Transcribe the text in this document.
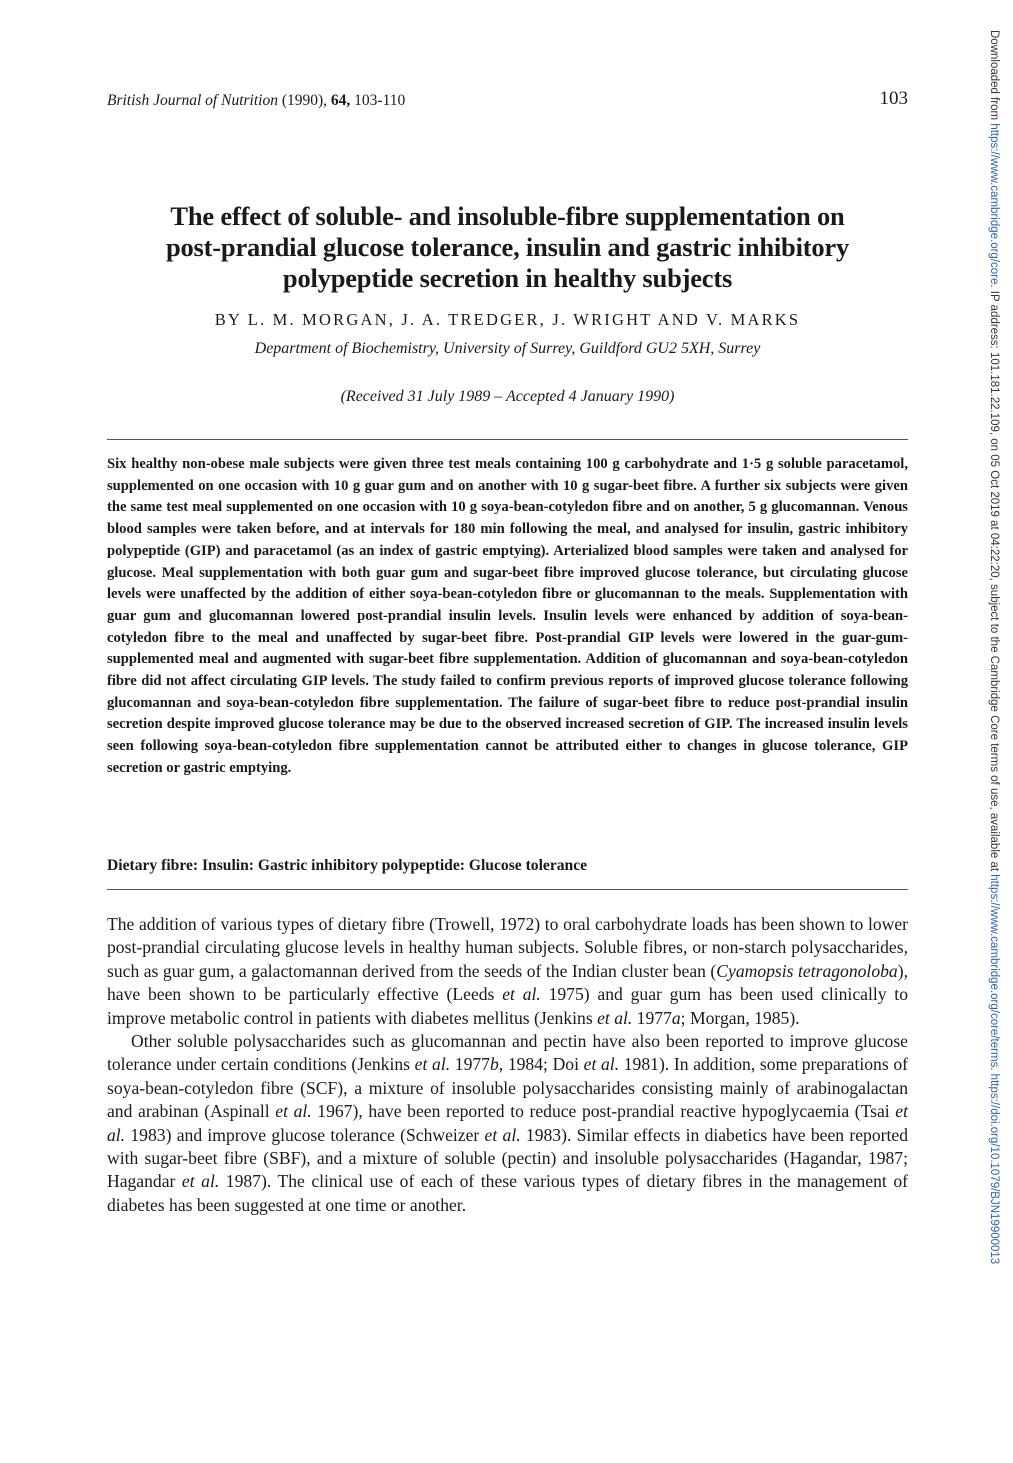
British Journal of Nutrition (1990), 64, 103-110	103
The effect of soluble- and insoluble-fibre supplementation on
post-prandial glucose tolerance, insulin and gastric inhibitory
polypeptide secretion in healthy subjects
BY L. M. MORGAN, J. A. TREDGER, J. WRIGHT AND V. MARKS
Department of Biochemistry, University of Surrey, Guildford GU2 5XH, Surrey
(Received 31 July 1989 – Accepted 4 January 1990)
Six healthy non-obese male subjects were given three test meals containing 100 g carbohydrate and 1·5 g soluble paracetamol, supplemented on one occasion with 10 g guar gum and on another with 10 g sugar-beet fibre. A further six subjects were given the same test meal supplemented on one occasion with 10 g soya-bean-cotyledon fibre and on another, 5 g glucomannan. Venous blood samples were taken before, and at intervals for 180 min following the meal, and analysed for insulin, gastric inhibitory polypeptide (GIP) and paracetamol (as an index of gastric emptying). Arterialized blood samples were taken and analysed for glucose. Meal supplementation with both guar gum and sugar-beet fibre improved glucose tolerance, but circulating glucose levels were unaffected by the addition of either soya-bean-cotyledon fibre or glucomannan to the meals. Supplementation with guar gum and glucomannan lowered post-prandial insulin levels. Insulin levels were enhanced by addition of soya-bean-cotyledon fibre to the meal and unaffected by sugar-beet fibre. Post-prandial GIP levels were lowered in the guar-gum-supplemented meal and augmented with sugar-beet fibre supplementation. Addition of glucomannan and soya-bean-cotyledon fibre did not affect circulating GIP levels. The study failed to confirm previous reports of improved glucose tolerance following glucomannan and soya-bean-cotyledon fibre supplementation. The failure of sugar-beet fibre to reduce post-prandial insulin secretion despite improved glucose tolerance may be due to the observed increased secretion of GIP. The increased insulin levels seen following soya-bean-cotyledon fibre supplementation cannot be attributed either to changes in glucose tolerance, GIP secretion or gastric emptying.
Dietary fibre: Insulin: Gastric inhibitory polypeptide: Glucose tolerance

The addition of various types of dietary fibre (Trowell, 1972) to oral carbohydrate loads has been shown to lower post-prandial circulating glucose levels in healthy human subjects. Soluble fibres, or non-starch polysaccharides, such as guar gum, a galactomannan derived from the seeds of the Indian cluster bean (Cyamopsis tetragonoloba), have been shown to be particularly effective (Leeds et al. 1975) and guar gum has been used clinically to improve metabolic control in patients with diabetes mellitus (Jenkins et al. 1977a; Morgan, 1985).

Other soluble polysaccharides such as glucomannan and pectin have also been reported to improve glucose tolerance under certain conditions (Jenkins et al. 1977b, 1984; Doi et al. 1981). In addition, some preparations of soya-bean-cotyledon fibre (SCF), a mixture of insoluble polysaccharides consisting mainly of arabinogalactan and arabinan (Aspinall et al. 1967), have been reported to reduce post-prandial reactive hypoglycaemia (Tsai et al. 1983) and improve glucose tolerance (Schweizer et al. 1983). Similar effects in diabetics have been reported with sugar-beet fibre (SBF), and a mixture of soluble (pectin) and insoluble polysaccharides (Hagandar, 1987; Hagandar et al. 1987). The clinical use of each of these various types of dietary fibres in the management of diabetes has been suggested at one time or another.

Downloaded from https://www.cambridge.org/core. IP address: 101.181.22.109, on 05 Oct 2019 at 04:22:20, subject to the Cambridge Core terms of use, available at https://www.cambridge.org/core/terms. https://doi.org/10.1079/BJN19900013
